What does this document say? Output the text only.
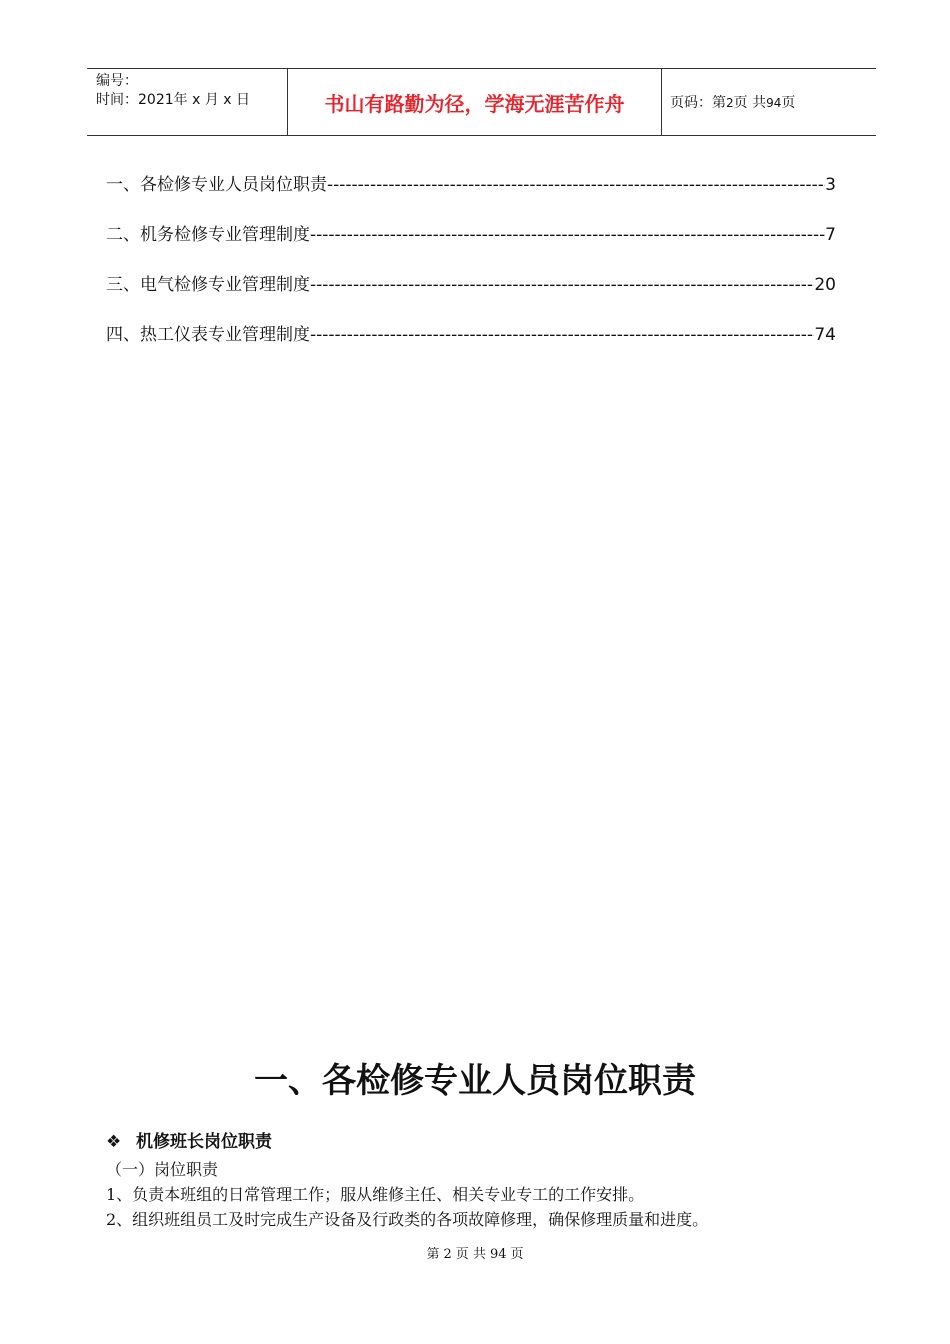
编号：
时间：2021年 x 月 x 日	书山有路勤为径，学海无涯苦作舟	页码：第2页 共94页
一、各检修专业人员岗位职责 -----	3
二、机务检修专业管理制度 -----	7
三、电气检修专业管理制度 -----	20
四、热工仪表专业管理制度 -----	74
一、各检修专业人员岗位职责
❖ 机修班长岗位职责
（一）岗位职责
1、负责本班组的日常管理工作；服从维修主任、相关专业专工的工作安排。
2、组织班组员工及时完成生产设备及行政类的各项故障修理，确保修理质量和进度。
第 2 页 共 94 页
